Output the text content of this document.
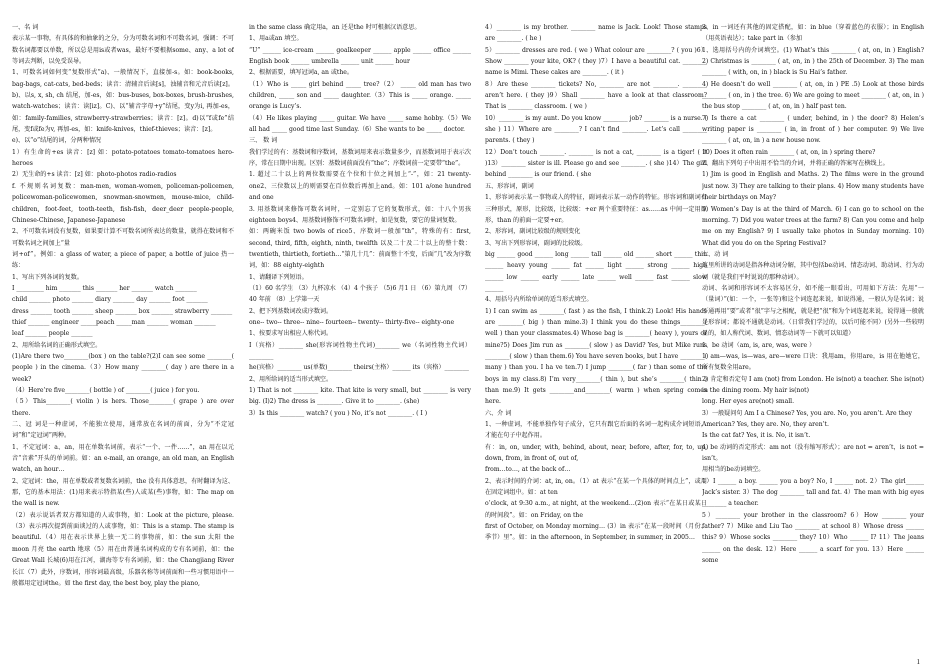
一、名 词

表示某一事物，有具体的和抽象的之分，分为可数名词和不可数名词，强调：不可数名词都要以单数，所以总是用is或者was，最好不要根据some、any、a lot of 等词去判断，以免受误导。

1、可数名词如何变“复数形式”a)、一般情况下，直接加-s。如：book-books, bag-bags, cat-cats, bed-beds；读音：清辅音后读[s]，浊辅音和元音后读[z]。b)、以s, x, sh, ch 结尾，加-es，如：bus-buses, box-boxes, brush-brushes, watch-watches；读音：读[iz]。C)、以“辅音字母+y”结尾，变y为i, 再加-es，如：family-families, strawberry-strawberries；读音：[z]。d)以“f或fe”结尾，变f或fe为v, 再加-es，如：knife-knives，thief-thieves；读音：[z]。

e)、以“o”结尾的词，分两种情况

1）有生命的+es 读音：[z] 如：potato-potatoes tomato-tomatoes hero-heroes

2）无生命的+s 读音：[z] 如：photo-photos radio-radios

f. 不规则名词复数：man-men, woman-women, policeman-policemen, policewoman-policewomen, snowman-snowmen, mouse-mice, child-children, foot-feet, tooth-teeth, fish-fish, deer_deer people-people, Chinese-Chinese, Japanese-Japanese

2、不可数名词没有复数，如果要计算不可数名词所表达的数量，就得在数词和不可数名词之间加上“量

词+of”。例如：a glass of water, a piece of paper, a bottle of juice 热一练：

1、写出下列各词的复数。

I _________ him _______ this _______ her _______ watch _______

child _______ photo _______ diary _______ day _______ foot _______

dress _______ tooth _______ sheep _______ box _______ strawberry _______

thief _______ engineer _____peach _____man _______ woman _______

leaf _______ people _______

2、用所给名词的正确形式填空。

(1)Are there two________(box ) on the table?(2)I can see some ________( people ) in the cinema.（3）How many ________( day ) are there in a week?

（4）Here’re five________( bottle ) of ________( juice ) for you.

（5）This________( violin ) is hers. Those________( grape ) are over there.

二、冠 词是一种虚词，不能独立使用，通常放在名词的前面，分为“不定冠词”和“定冠词”两种。

1、不定冠词：a、an，用在单数名词前，表示“一个、一件……”，an 用在以元音“音素”开头的单词前。如：an e-mail, an orange, an old man, an English watch, an hour…

2、定冠词：the，用在单数或者复数名词前，the 没有具体意思，有时翻译为这、那，它的基本用法：(1)用来表示特指某(些)人或某(些)事物，如：The map on the wall is new.

（2）表示说话者双方都知道的人或事物，如：Look at the picture, please.（3）表示再次提到前面谈过的人或事物，如：This is a stamp. The stamp is beautiful.（4）用在表示世界上独一无二的事物前，如：the sun 太阳 the moon 月亮 the earth 地球（5）用在由普通名词构成的专有名词前，如：the Great Wall 长城(6)用在江河，湖海等专有名词前，如：the Changjiang River 长江（7）此外，序数词，形容词最高级，乐器名称等词前面和一些习惯用语中一般都用定冠词the。如 the first day, the best boy, play the piano,

in the same class 确定用a，an 还是the 时可根据汉语意思。

1、用a或an 填空。

“U” ______ ice-cream ______ goalkeeper ______ apple ______ office ______ English book ______ umbrella ______ unit ______ hour

2、根据需要，填写冠词a, an 或the。

（1）Who is _____ girl behind _____ tree?（2） _____ old man has two children, _____ son and _____ daughter.（3）This is _____ orange. _____ orange is Lucy’s.

（4）He likes playing _____ guitar. We have _____ same hobby.（5）We all had _____ good time last Sunday.（6）She wants to be _____ doctor.

三、 数 词

我们学过的有：基数词和序数词，基数词用来表示数量多少，而基数词用于表示次序，常在日期中出现。区别：基数词前面没有“the”；序数词前一定要带“the”。

1. 超过二十以上的两位数需要在个位和十位之间加上“-”，如：21 twenty-one2、三位数以上的则需要在百位数后再加上and。如：101 a/one hundred and one

3. 用基数词来修饰可数名词时，一定别忘了它的复数形式，如：十八个男孩 eighteen boys4、用基数词修饰不可数名词时，如是复数，要它的量词复数。

如：两碗米饭 two bowls of rice5、序数词一般加“th”，特殊的有：first, second, third, fifth, eighth, ninth, twelfth 以及二十及二十以上的整十数：twentieth, thirtieth, fortieth…“第几十几”：前面整十不变，后面“几”改为序数词，如：88 eighty-eighth

1、请翻译下列短语。

（1）60 名学生 （3）九杯凉水 （4）4 个孩子 （5)6 月1 日 （6）第九周 （7）40 年前 （8）上学第一天

2、把下列基数词改成序数词。

one-- two-- three-- nine-- fourteen-- twenty-- thirty-five-- eighty-one

1、按要求写出相应人称代词。

I（宾格）________ she(形容词性物主代词)________ we（名词性物主代词）________

he(宾格）________ us(单数)________ theirs(主格）______ its（宾格）________

2、用所给词的适当形式填空。

1) That is not ________ kite. That kite is very small, but ________ is very big. (I)2) The dress is ________. Give it to ________. (she)

3）Is this ________ watch? ( you ) No, it’s not ________. ( I )

4）________ is my brother. ________ name is Jack. Look! Those stamps are ________. ( he )

5）________ dresses are red. ( we ) What colour are ________? ( you )6）Show ________ your kite, OK? ( they )7）I have a beautiful cat. ________ name is Mimi. These cakes are ________. ( it )

8）Are these ________ tickets? No, ________ are not ________. ________ aren’t here. ( they )9）Shall ________ have a look at that classroom? That is ________ classroom. ( we )

10）________ is my aunt. Do you know ________ job? ________ is a nurse. ( she ) 11）Where are ________? I can’t find ________. Let’s call ________ parents. ( they )

12）Don’t touch ________. ________ is not a cat, ________ is a tiger! ( it )13）________ sister is ill. Please go and see ________. ( she )14）The girl behind ________ is our friend. ( she

五、形容词，副词

1、形容词表示某一事物或人的特征，副词表示某一动作的特征。形容词和副词有三种形式，原形，比较级，比较级：+er 两个重要特征：as……as 中间一定用原形，than 的前面一定要+er。

2、形容词，副词比较级的规则变化

3、写出下列形容词，副词的比较级。

big ______ good ______ long ______ tall ______ old ______ short ______ thin ______ heavy young ______ fat ______ light ______ strong ______ high ______ low ______ early ______ late ______ well ______ fast ______ slow ______

4、用括号内所给单词的适当形式填空。

1) I can swim as ________( fast ) as the fish, I think.2) Look! His hands are ________( big ) than mine.3) I think you do these things________( well ) than your classmates.4) Whose bag is ________( heavy ), yours or mine?5) Does Jim run as ________( slow ) as David? Yes, but Mike runs ________( slow ) than them.6) You have seven books, but I have ________( many ) than you. I ha ve ten.7) I jump ________( far ) than some of the boys in my class.8) I’m very________( thin ), but she’s ________( thin ) than me.9) It gets ________and________( warm ) when spring comes here.

六、介 词

1、一种虚词，不能单独作句子成分，它只有跟它后面的名词一起构成介词短语，才能在句子中起作用。

有：in, on, under, with, behind, about, near, before, after, for, to, up, down, from, in front of, out of,

from…to…, at the back of…

2、表示时间的介词：at, in, on。（1）at 表示“在某一个具体的时间点上”，或用在固定词组中。如：at ten

o’clock, at 9:30 a.m., at night, at the weekend…(2)on 表示“在某日或某日的时间段”。如：on Friday, on the

first of October, on Monday morning… (3）in 表示“在某一段时间（月份、季节）里”。如：in the afternoon, in September, in summer, in 2005…

3、in 一词还有其他的固定搭配，如：in blue（穿着蓝色的衣服）；in English（用英语表达）；take part in（参加

1、选用括号内的介词填空。(1) What’s this ________ ( at, on, in ) English? 2) Christmas is ________ ( at, on, in ) the 25th of December. 3) The man ________ ( with, on, in ) black is Su Hai’s father.

4) He doesn’t do well ________ ( at, on, in ) PE .5) Look at those birds ________ ( on, in ) the tree. 6) We are going to meet ________ ( at, on, in ) the bus stop ________ ( at, on, in ) half past ten.

7) Is there a cat ________ ( under, behind, in ) the door? 8) Helen’s writing paper is ________ ( in, in front of ) her computer. 9) We live ________ ( at, on, in ) a new house now.

10) Does it often rain ________ ( at, on, in ) spring there?

2、翻出下列句子中出用不恰当的介词，并将正确的答案写在横线上。

1) Jim is good in English and Maths. 2) The films were in the ground just now. 3) They are talking to their plans. 4) How many students have their birthdays on May?

5) Women’s Day is at the third of March. 6) I can go to school on the morning. 7) Did you water trees at the farm? 8) Can you come and help me on my English? 9) I usually take photos in Sunday morning. 10) What did you do on the Spring Festival?

七、动 词

这里所讲的动词是指各种动词分解，其中包括be动词、情态动词、助动词、行为动词（就是我们平时说说的那种动词）。

动词、名词和形容词不太容易区分，如不能一眼看出，可用如下方法：先用“一（量词）”(如：一个，一张等)和这个词连起来说，如说得通，一般认为是名词；说不通再用“要”或者“很”字与之相配，就是把“很”和为个词连起来说，说得通一般就是形容词；都说不通就是动词。（日常我们学过的，以后可能不同）(另外一些较明显的，如人称代词、数词、情态动词等一下就可以知道）

1、be 动词（am, is, are, was, were ）

1) am—was, is—was, are—were 口诀：我用am，你用are，is 用在他她它，所有复数全用are。

2) 肯定和否定句 I am (not) from London. He is(not) a teacher. She is(not) in the dining room. My hair is(not)

long. Her eyes are(not) small.

3）一般疑问句 Am I a Chinese? Yes, you are. No, you aren’t. Are they

American? Yes, they are. No, they aren’t.

Is the cat fat? Yes, it is. No, it isn’t.

4) be 动词的否定形式：am not（没有缩写形式）；are not = aren’t，is not = isn’t。

用相当的be动词填空。

1）I ______ a boy. ______ you a boy? No, I ______ not. 2）The girl______ Jack’s sister. 3）The dog ________ tall and fat. 4）The man with big eyes ________ a teacher.

5）________ your brother in the classroom? 6）How ________ your father? 7）Mike and Liu Tao ________ at school 8）Whose dress ______ this? 9）Whose socks ________ they? 10）Who ______ I? 11）The jeans ______ on the desk. 12）Here ______ a scarf for you. 13）Here ______ some

1
